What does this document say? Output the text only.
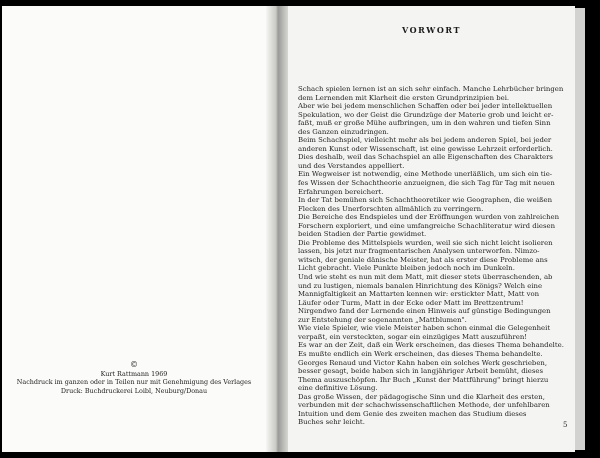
©
Kurt Rattmann 1969
Nachdruck im ganzen oder in Teilen nur mit Genehmigung des Verlages
Druck: Buchdruckerei Loibl, Neuburg/Donau
VORWORT
Schach spielen lernen ist an sich sehr einfach. Manche Lehrbücher bringen
dem Lernenden mit Klarheit die ersten Grundprinzipien bei.
Aber wie bei jedem menschlichen Schaffen oder bei jeder intellektuellen
Spekulation, wo der Geist die Grundzüge der Materie grob und leicht er-
faßt, muß er große Mühe aufbringen, um in den wahren und tiefen Sinn
des Ganzen einzudringen.
Beim Schachspiel, vielleicht mehr als bei jedem anderen Spiel, bei jeder
anderen Kunst oder Wissenschaft, ist eine gewisse Lehrzeit erforderlich.
Dies deshalb, weil das Schachspiel an alle Eigenschaften des Charakters
und des Verstandes appelliert.
Ein Wegweiser ist notwendig, eine Methode unerläßlich, um sich ein tie-
fes Wissen der Schachtheorie anzueignen, die sich Tag für Tag mit neuen
Erfahrungen bereichert.
In der Tat bemühen sich Schachtheoretiker wie Geographen, die weißen
Flecken des Unerforschten allmählich zu verringern.
Die Bereiche des Endspieles und der Eröffnungen wurden von zahlreichen
Forschern exploriert, und eine umfangreiche Schachliteratur wird diesen
beiden Stadien der Partie gewidmet.
Die Probleme des Mittelspiels wurden, weil sie sich nicht leicht isolieren
lassen, bis jetzt nur fragmentarischen Analysen unterworfen. Nimzo-
witsch, der geniale dänische Meister, hat als erster diese Probleme ans
Licht gebracht. Viele Punkte bleiben jedoch noch im Dunkeln.
Und wie steht es nun mit dem Matt, mit dieser stets überraschenden, ab
und zu lustigen, niemals banalen Hinrichtung des Königs? Welch eine
Mannigfaltigkeit an Mattarten kennen wir: erstickter Matt, Matt von
Läufer oder Turm, Matt in der Ecke oder Matt im Brettzentrum!
Nirgendwo fand der Lernende einen Hinweis auf günstige Bedingungen
zur Entstehung der sogenannten „Mattblumen".
Wie viele Spieler, wie viele Meister haben schon einmal die Gelegenheit
verpaßt, ein versteckten, sogar ein einzügiges Matt auszuführen!
Es war an der Zeit, daß ein Werk erscheinen, das dieses Thema behandelte.
Es mußte endlich ein Werk erscheinen, das dieses Thema behandelte.
Georges Renaud und Victor Kahn haben ein solches Werk geschrieben,
besser gesagt, beide haben sich in langjähriger Arbeit bemüht, dieses
Thema auszuschöpfen. Ihr Buch „Kunst der Mattführung" bringt hierzu
eine definitive Lösung.
Das große Wissen, der pädagogische Sinn und die Klarheit des ersten,
verbunden mit der schachwissenschaftlichen Methode, der unfehlbaren
Intuition und dem Genie des zweiten machen das Studium dieses
Buches sehr leicht.	5
